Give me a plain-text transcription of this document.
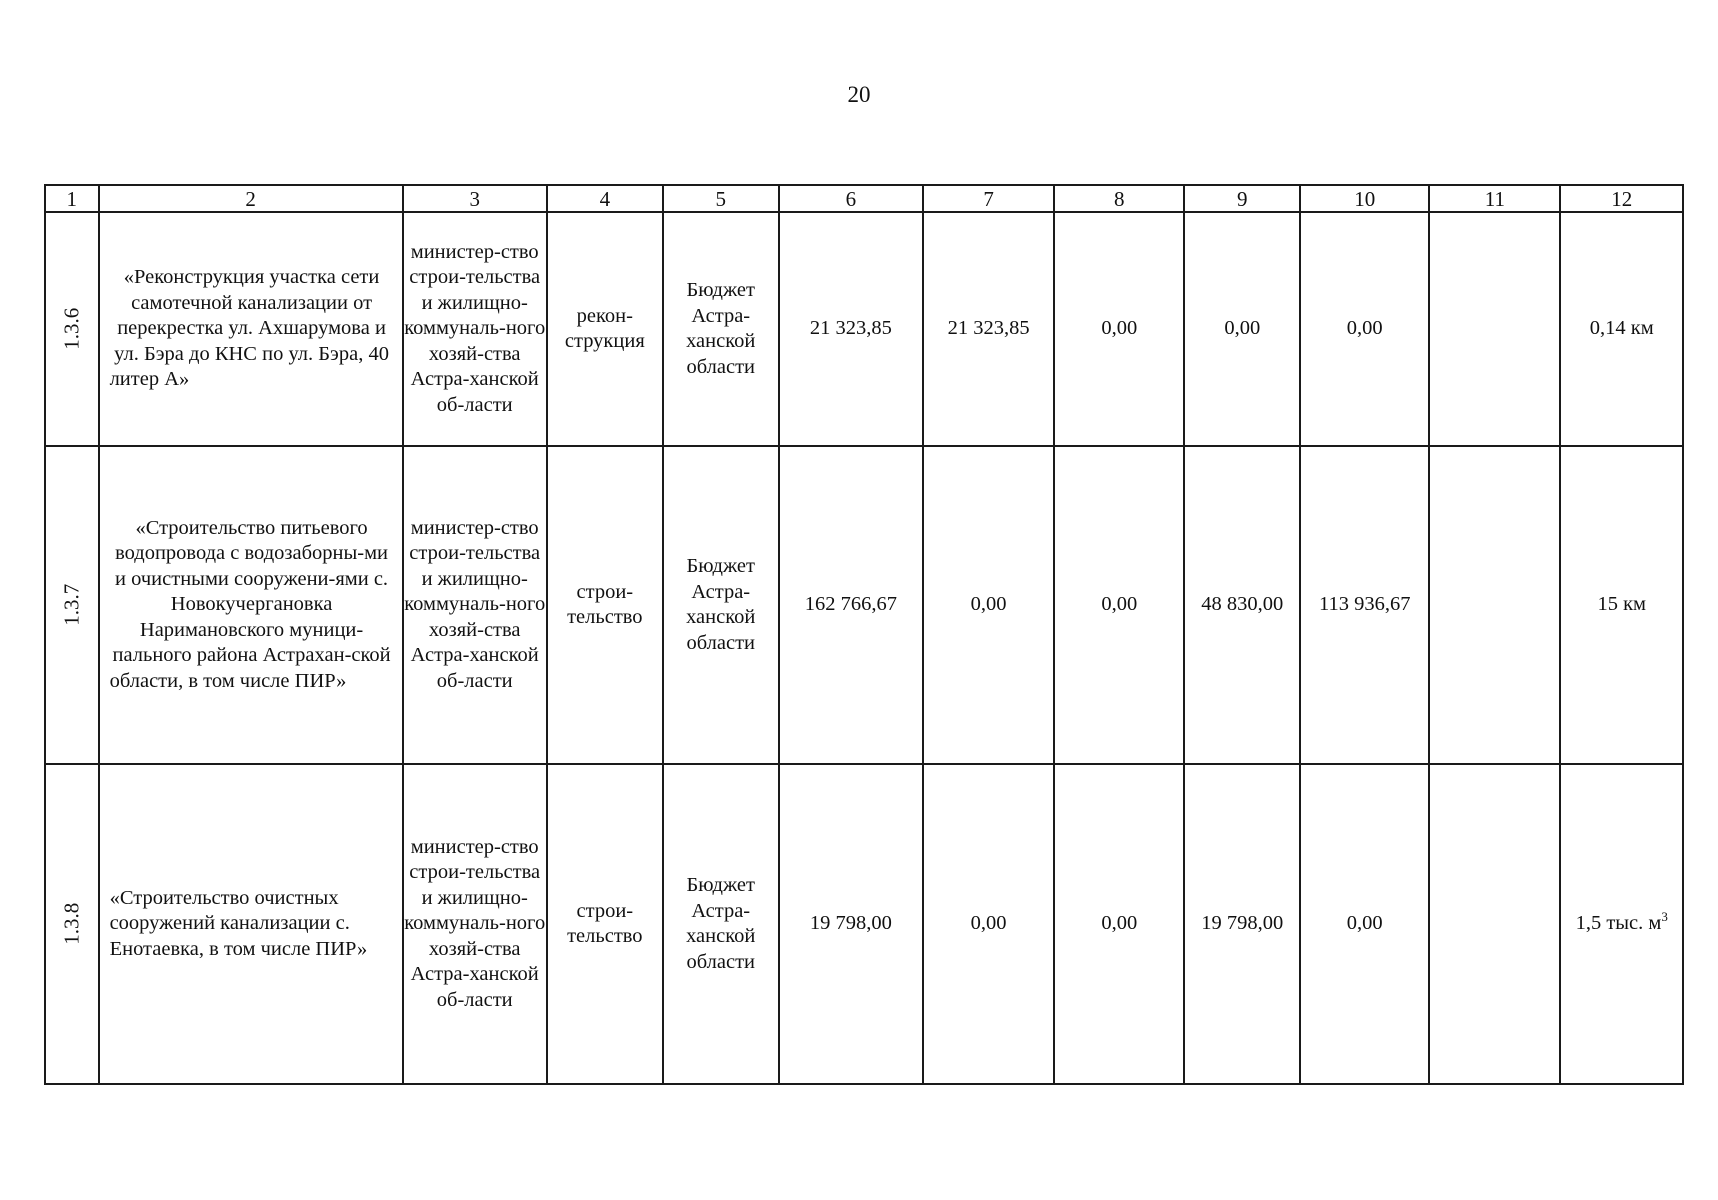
20
1	2	3	4	5	6	7	8	9	10	11	12
1.3.6	«Реконструкция участка сети самотечной канализации от перекрестка ул. Ахшарумова и ул. Бэра до КНС по ул. Бэра, 40 литер А»	министер-ство строи-тельства и жилищно-коммуналь-ного хозяй-ства Астра-ханской об-ласти	рекон-струкция	Бюджет Астра-ханской области	21 323,85	21 323,85	0,00	0,00	0,00		0,14 км
1.3.7	«Строительство питьевого водопровода с водозаборны-ми и очистными сооружени-ями с. Новокучергановка Наримановского муници-пального района Астрахан-ской области, в том числе ПИР»	министер-ство строи-тельства и жилищно-коммуналь-ного хозяй-ства Астра-ханской об-ласти	строи-тельство	Бюджет Астра-ханской области	162 766,67	0,00	0,00	48 830,00	113 936,67		15 км
1.3.8	«Строительство очистных сооружений канализации с. Енотаевка, в том числе ПИР»	министер-ство строи-тельства и жилищно-коммуналь-ного хозяй-ства Астра-ханской об-ласти	строи-тельство	Бюджет Астра-ханской области	19 798,00	0,00	0,00	19 798,00	0,00		1,5 тыс. $м^3$
